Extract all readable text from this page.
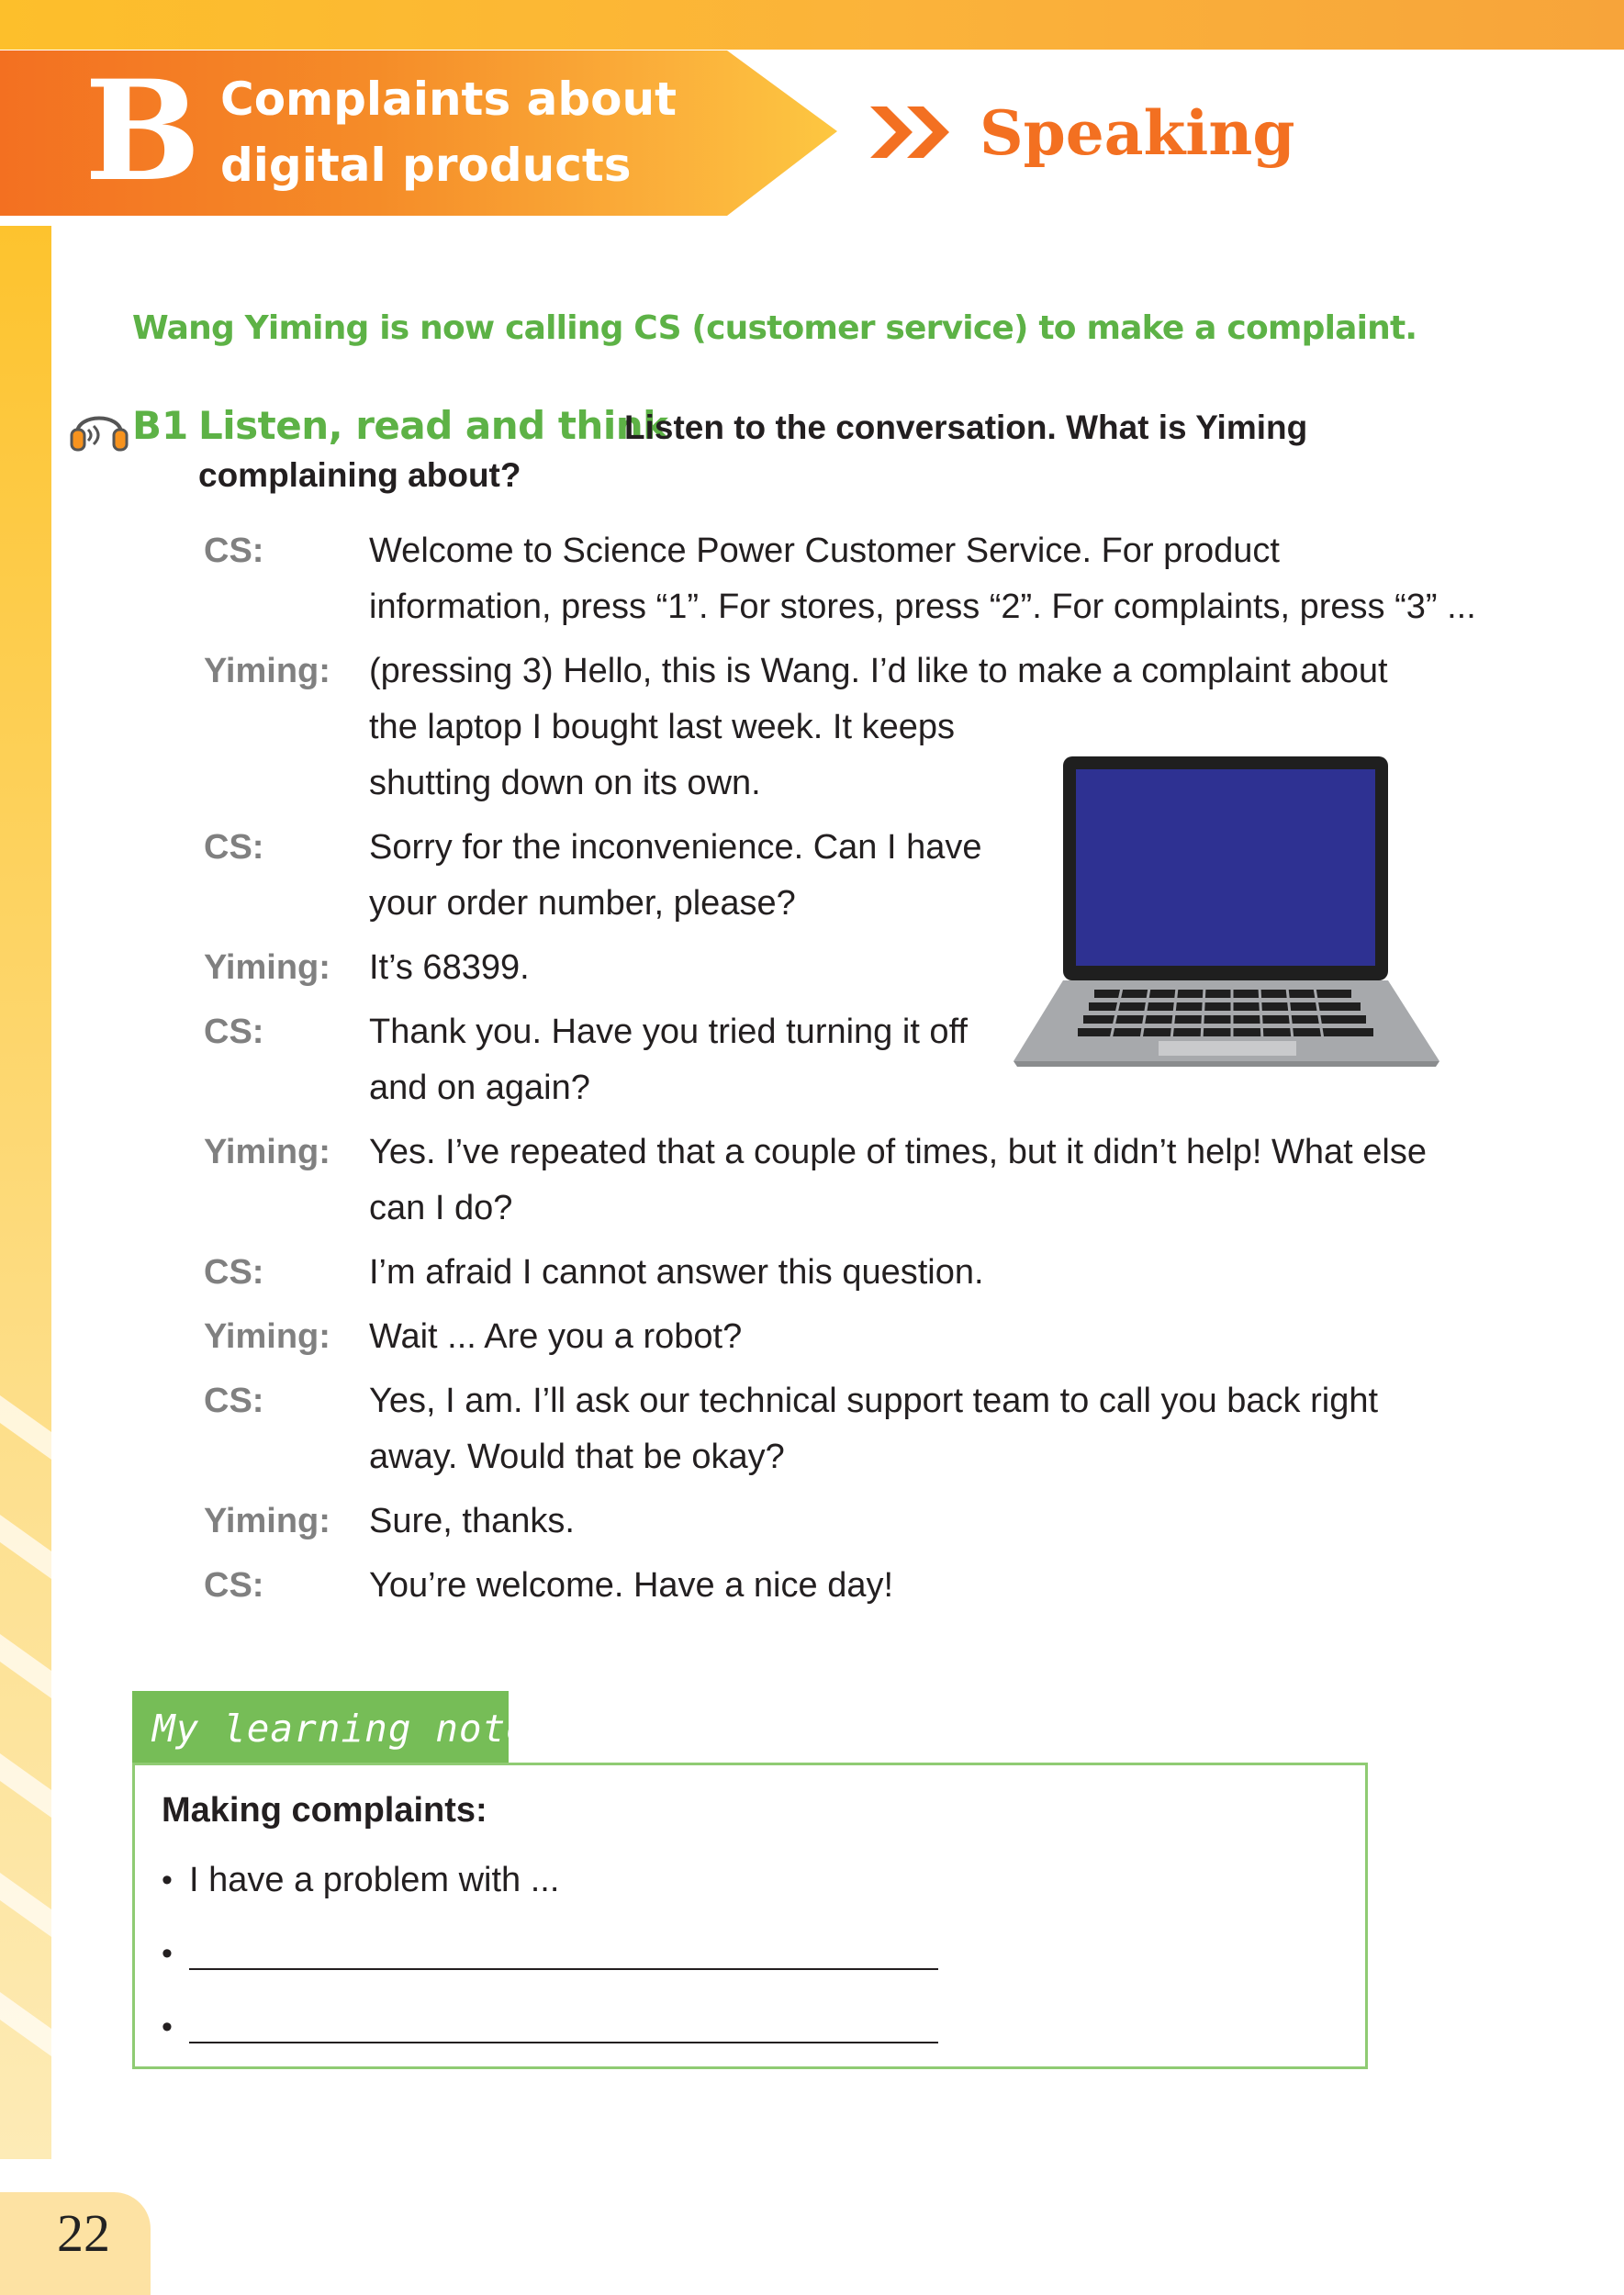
B Complaints about
digital products	Speaking
22
Wang Yiming is now calling CS (customer service) to make a complaint.
B1 Listen, read and think
Listen to the conversation. What is Yiming
complaining about?
CS:	Welcome to Science Power Customer Service. For product
information, press “1”. For stores, press “2”. For complaints, press “3” ...
Yiming: (pressing 3) Hello, this is Wang. I’d like to make a complaint about
the laptop I bought last week. It keeps
shutting down on its own.
CS:	Sorry for the inconvenience. Can I have
your order number, please?
Yiming: It’s 68399.
CS:	Thank you. Have you tried turning it off
and on again?
Yiming: Yes. I’ve repeated that a couple of times, but it didn’t help! What else
can I do?
CS:	I’m afraid I cannot answer this question.
Yiming: Wait ... Are you a robot?
CS:	Yes, I am. I’ll ask our technical support team to call you back right
away. Would that be okay?
Yiming: Sure, thanks.
CS:	You’re welcome. Have a nice day!
My learning notes
Making complaints:
• I have a problem with ...
•
•
